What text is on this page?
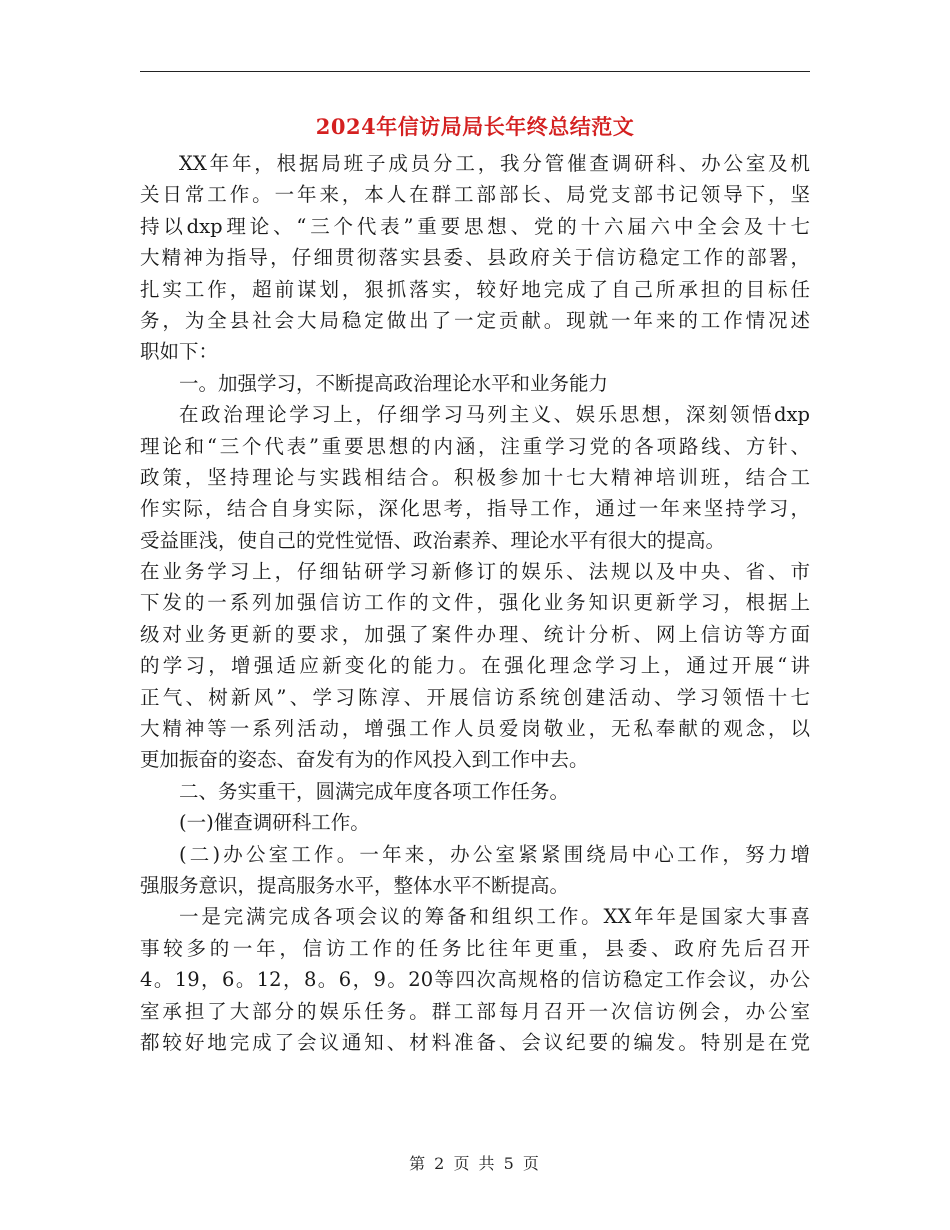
2024年信访局局长年终总结范文
XX年年，根据局班子成员分工，我分管催查调研科、办公室及机
关日常工作。一年来，本人在群工部部长、局党支部书记领导下，坚
持以dxp理论、“三个代表”重要思想、党的十六届六中全会及十七
大精神为指导，仔细贯彻落实县委、县政府关于信访稳定工作的部署，
扎实工作，超前谋划，狠抓落实，较好地完成了自己所承担的目标任
务，为全县社会大局稳定做出了一定贡献。现就一年来的工作情况述
职如下：
一。加强学习，不断提高政治理论水平和业务能力
在政治理论学习上，仔细学习马列主义、娱乐思想，深刻领悟dxp
理论和“三个代表”重要思想的内涵，注重学习党的各项路线、方针、
政策，坚持理论与实践相结合。积极参加十七大精神培训班，结合工
作实际，结合自身实际，深化思考，指导工作，通过一年来坚持学习，
受益匪浅，使自己的党性觉悟、政治素养、理论水平有很大的提高。
在业务学习上，仔细钻研学习新修订的娱乐、法规以及中央、省、市
下发的一系列加强信访工作的文件，强化业务知识更新学习，根据上
级对业务更新的要求，加强了案件办理、统计分析、网上信访等方面
的学习，增强适应新变化的能力。在强化理念学习上，通过开展“讲
正气、树新风”、学习陈淳、开展信访系统创建活动、学习领悟十七
大精神等一系列活动，增强工作人员爱岗敬业，无私奉献的观念，以
更加振奋的姿态、奋发有为的作风投入到工作中去。
二、务实重干，圆满完成年度各项工作任务。
(一)催查调研科工作。
(二)办公室工作。一年来，办公室紧紧围绕局中心工作，努力增
强服务意识，提高服务水平，整体水平不断提高。
一是完满完成各项会议的筹备和组织工作。XX年年是国家大事喜
事较多的一年，信访工作的任务比往年更重，县委、政府先后召开
4。19，6。12，8。6，9。20等四次高规格的信访稳定工作会议，办公
室承担了大部分的娱乐任务。群工部每月召开一次信访例会，办公室
都较好地完成了会议通知、材料准备、会议纪要的编发。特别是在党
第 2 页 共 5 页
